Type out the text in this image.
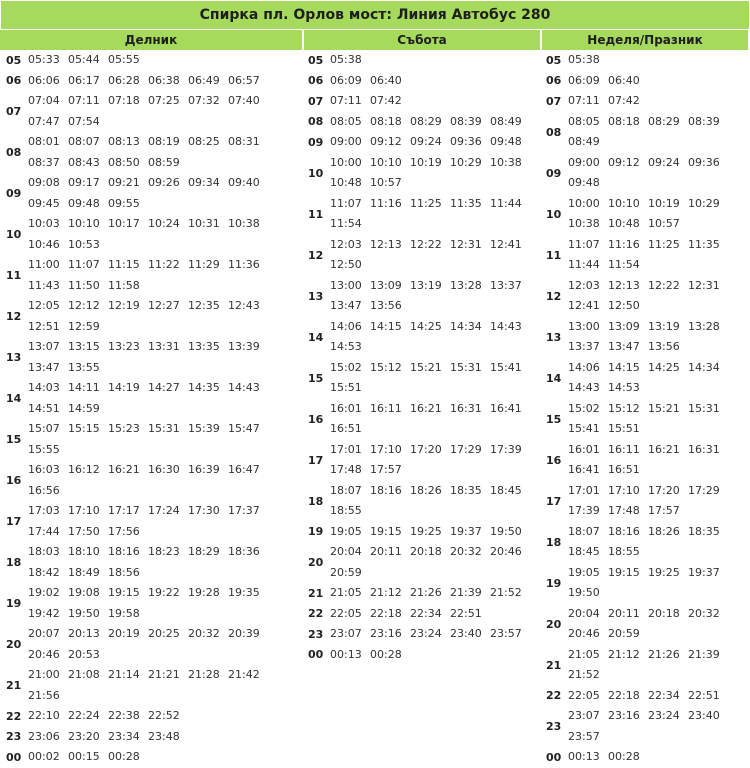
Спирка пл. Орлов мост: Линия Автобус 280
Делник
05 05:33 05:44 05:55
06 06:06 06:17 06:28 06:38 06:49 06:57
07
07:04 07:11 07:18 07:25 07:32 07:40
07:47 07:54
08
08:01 08:07 08:13 08:19 08:25 08:31
08:37 08:43 08:50 08:59
09
09:08 09:17 09:21 09:26 09:34 09:40
09:45 09:48 09:55
10
10:03 10:10 10:17 10:24 10:31 10:38
10:46 10:53
11
11:00 11:07 11:15 11:22 11:29 11:36
11:43 11:50 11:58
12
12:05 12:12 12:19 12:27 12:35 12:43
12:51 12:59
13
13:07 13:15 13:23 13:31 13:35 13:39
13:47 13:55
14
14:03 14:11 14:19 14:27 14:35 14:43
14:51 14:59
15
15:07 15:15 15:23 15:31 15:39 15:47
15:55
16
16:03 16:12 16:21 16:30 16:39 16:47
16:56
17
17:03 17:10 17:17 17:24 17:30 17:37
17:44 17:50 17:56
18
18:03 18:10 18:16 18:23 18:29 18:36
18:42 18:49 18:56
19
19:02 19:08 19:15 19:22 19:28 19:35
19:42 19:50 19:58
20
20:07 20:13 20:19 20:25 20:32 20:39
20:46 20:53
21
21:00 21:08 21:14 21:21 21:28 21:42
21:56
22 22:10 22:24 22:38 22:52
23 23:06 23:20 23:34 23:48
00 00:02 00:15 00:28
Събота
05 05:38
06 06:09 06:40
07 07:11 07:42
08 08:05 08:18 08:29 08:39 08:49
09 09:00 09:12 09:24 09:36 09:48
10
10:00 10:10 10:19 10:29 10:38
10:48 10:57
11
11:07 11:16 11:25 11:35 11:44
11:54
12
12:03 12:13 12:22 12:31 12:41
12:50
13
13:00 13:09 13:19 13:28 13:37
13:47 13:56
14
14:06 14:15 14:25 14:34 14:43
14:53
15
15:02 15:12 15:21 15:31 15:41
15:51
16
16:01 16:11 16:21 16:31 16:41
16:51
17
17:01 17:10 17:20 17:29 17:39
17:48 17:57
18
18:07 18:16 18:26 18:35 18:45
18:55
19 19:05 19:15 19:25 19:37 19:50
20
20:04 20:11 20:18 20:32 20:46
20:59
21 21:05 21:12 21:26 21:39 21:52
22 22:05 22:18 22:34 22:51
23 23:07 23:16 23:24 23:40 23:57
00 00:13 00:28
Неделя/Празник
05 05:38
06 06:09 06:40
07 07:11 07:42
08
08:05 08:18 08:29 08:39
08:49
09
09:00 09:12 09:24 09:36
09:48
10
10:00 10:10 10:19 10:29
10:38 10:48 10:57
11
11:07 11:16 11:25 11:35
11:44 11:54
12
12:03 12:13 12:22 12:31
12:41 12:50
13
13:00 13:09 13:19 13:28
13:37 13:47 13:56
14
14:06 14:15 14:25 14:34
14:43 14:53
15
15:02 15:12 15:21 15:31
15:41 15:51
16
16:01 16:11 16:21 16:31
16:41 16:51
17
17:01 17:10 17:20 17:29
17:39 17:48 17:57
18
18:07 18:16 18:26 18:35
18:45 18:55
19
19:05 19:15 19:25 19:37
19:50
20
20:04 20:11 20:18 20:32
20:46 20:59
21
21:05 21:12 21:26 21:39
21:52
22 22:05 22:18 22:34 22:51
23
23:07 23:16 23:24 23:40
23:57
00 00:13 00:28
